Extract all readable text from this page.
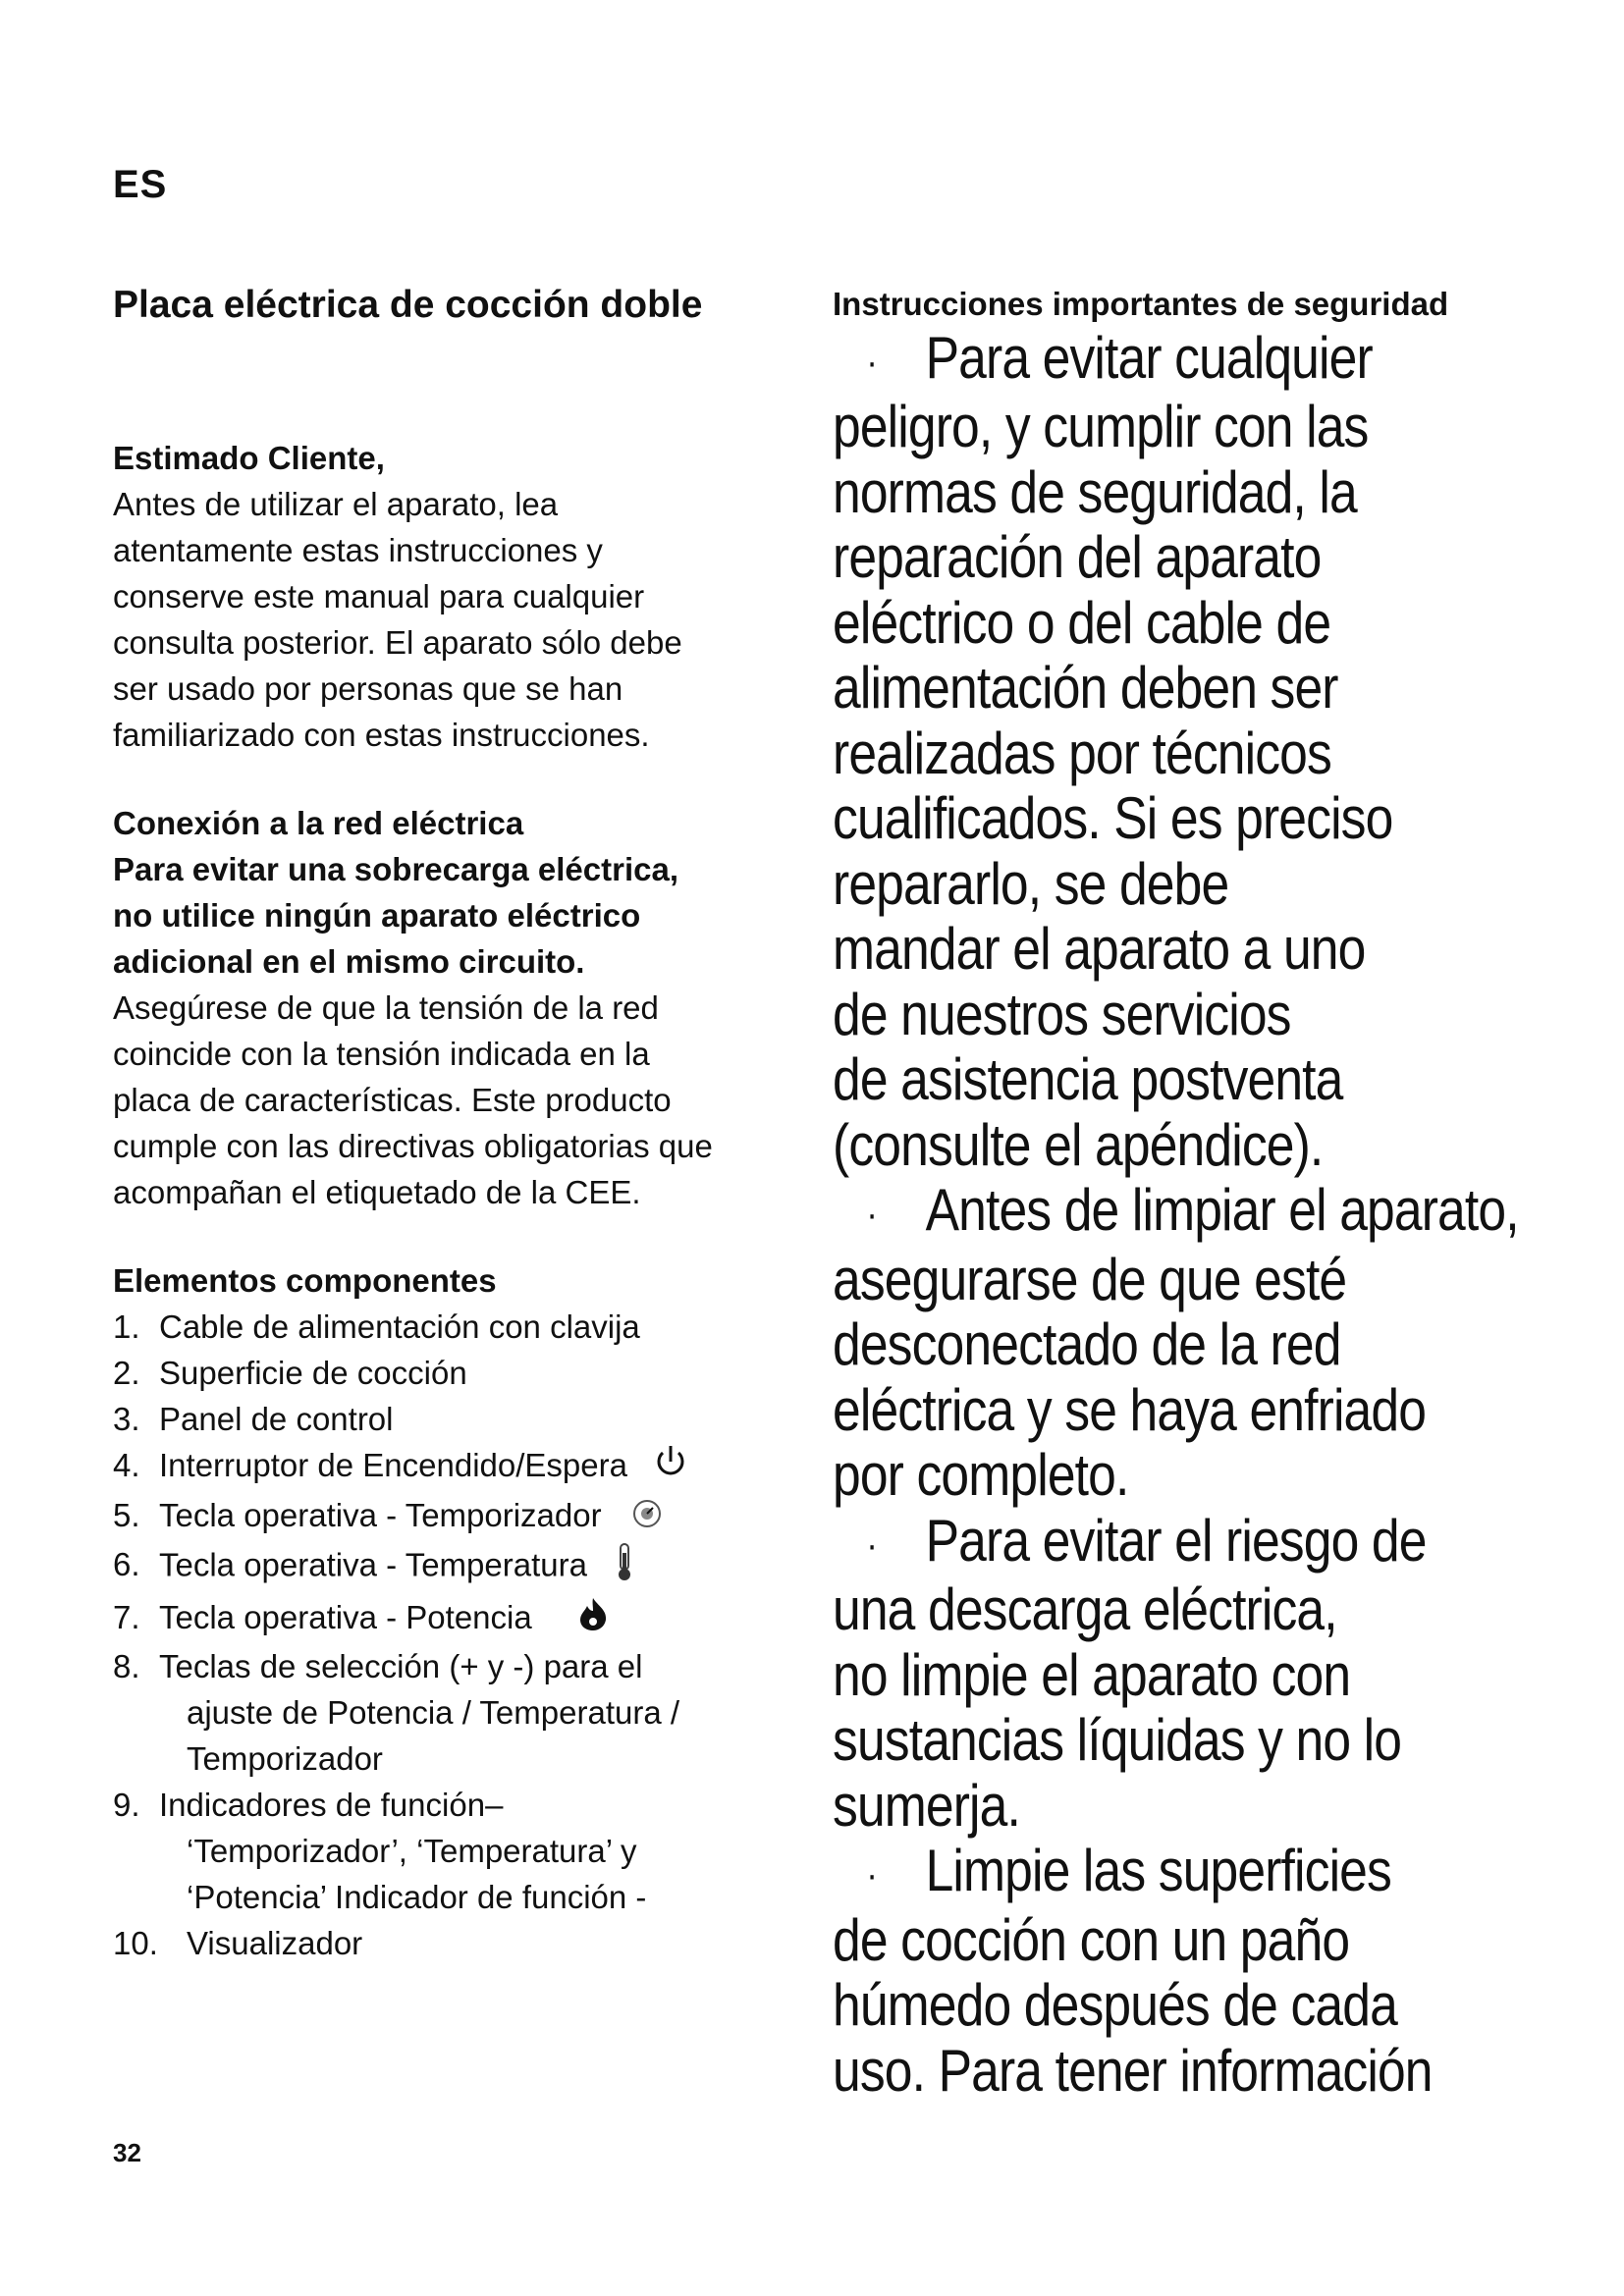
ES
Placa eléctrica de cocción doble

Estimado Cliente,

Antes de utilizar el aparato, lea

atentamente estas instrucciones y

conserve este manual para cualquier

consulta posterior. El aparato sólo debe

ser usado por personas que se han

familiarizado con estas instrucciones.

Conexión a la red eléctrica

Para evitar una sobrecarga eléctrica,

no utilice ningún aparato eléctrico

adicional en el mismo circuito.

Asegúrese de que la tensión de la red

coincide con la tensión indicada en la

placa de características. Este producto

cumple con las directivas obligatorias que

acompañan el etiquetado de la CEE.

Elementos componentes

1. Cable de alimentación con clavija
2. Superficie de cocción
3. Panel de control
4. Interruptor de Encendido/Espera
5. Tecla operativa - Temporizador
6. Tecla operativa - Temperatura
7. Tecla operativa - Potencia
8. Teclas de selección (+ y -) para el
ajuste de Potencia / Temperatura /
Temporizador
9. Indicadores de función–
‘Temporizador’, ‘Temperatura’ y
‘Potencia’ Indicador de función -
10. Visualizador

Instrucciones importantes de seguridad

· Para evitar cualquier
peligro, y cumplir con las
normas de seguridad, la
reparación del aparato
eléctrico o del cable de
alimentación deben ser
realizadas por técnicos
cualificados. Si es preciso
repararlo, se debe
mandar el aparato a uno
de nuestros servicios
de asistencia postventa
(consulte el apéndice).
· Antes de limpiar el aparato,
asegurarse de que esté
desconectado de la red
eléctrica y se haya enfriado
por completo.
· Para evitar el riesgo de
una descarga eléctrica,
no limpie el aparato con
sustancias líquidas y no lo
sumerja.
· Limpie las superficies
de cocción con un paño
húmedo después de cada
uso. Para tener información
32
